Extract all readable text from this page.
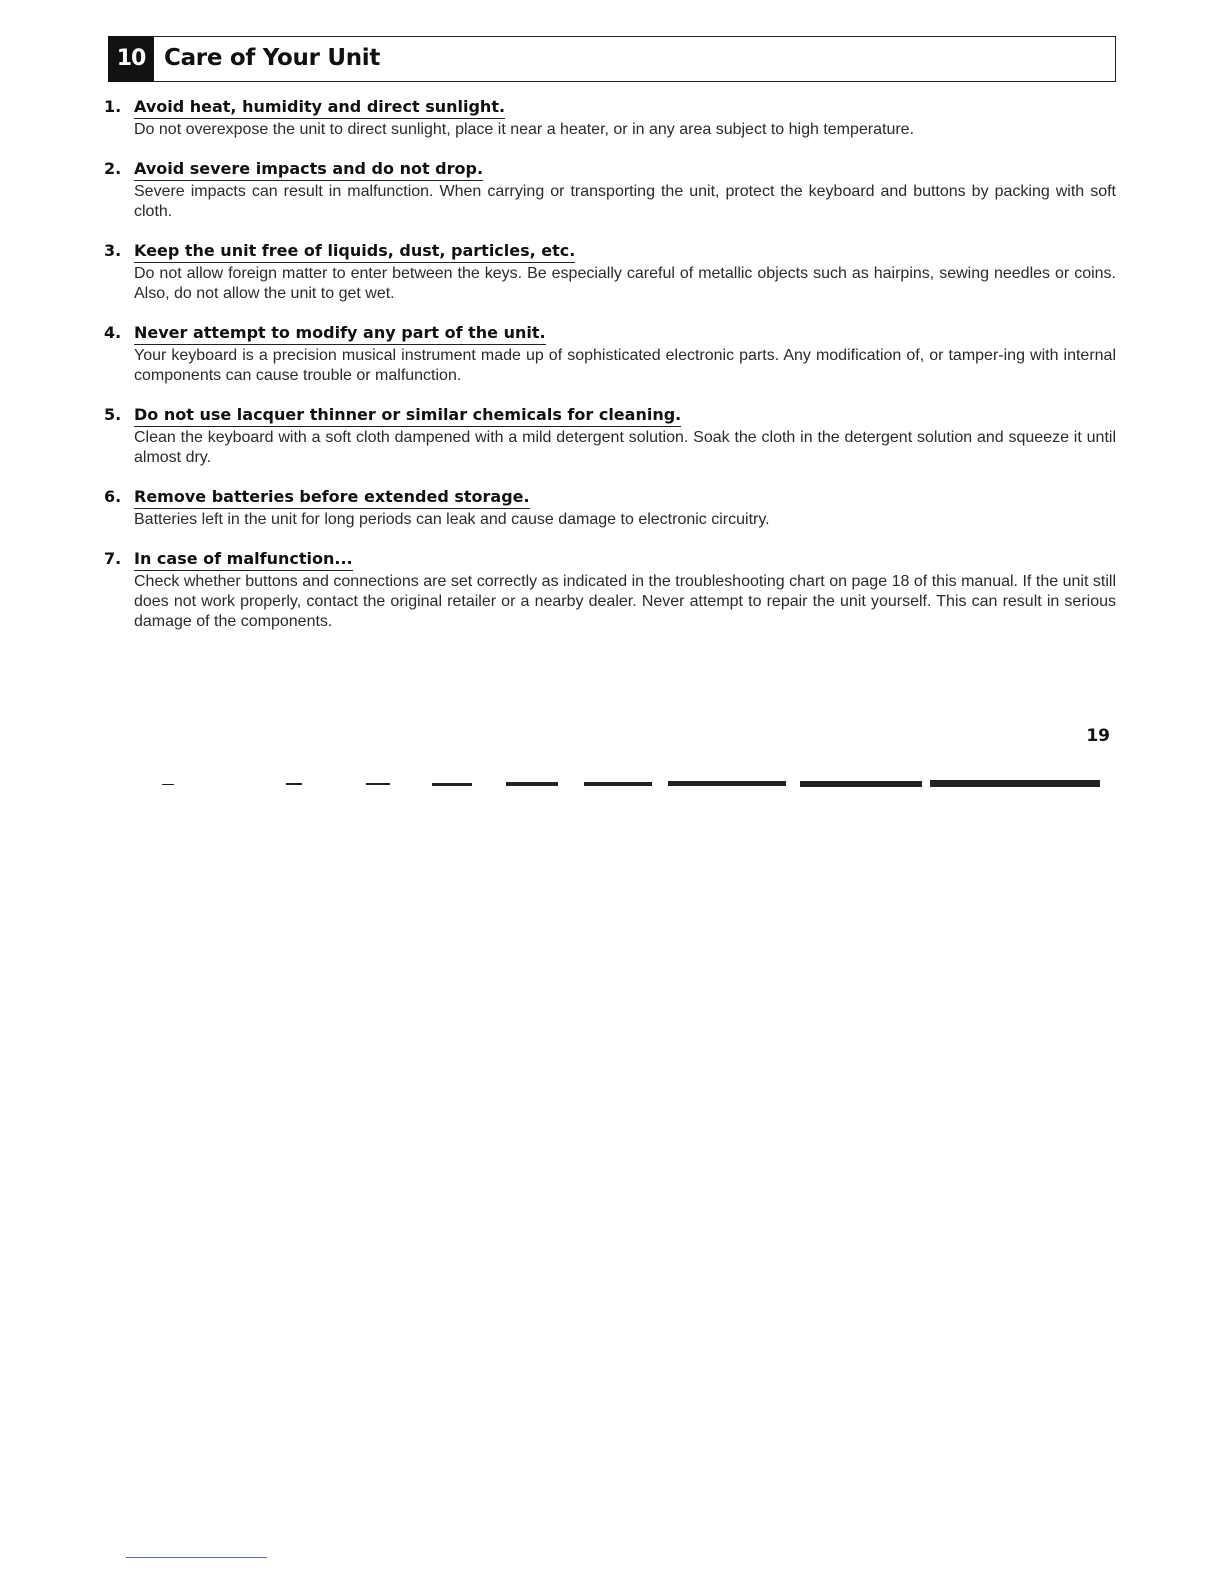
10 Care of Your Unit
1. Avoid heat, humidity and direct sunlight.

Do not overexpose the unit to direct sunlight, place it near a heater, or in any area subject to high temperature.

2. Avoid severe impacts and do not drop.

Severe impacts can result in malfunction. When carrying or transporting the unit, protect the keyboard and buttons by packing with soft cloth.

3. Keep the unit free of liquids, dust, particles, etc.

Do not allow foreign matter to enter between the keys. Be especially careful of metallic objects such as hairpins, sewing needles or coins. Also, do not allow the unit to get wet.

4. Never attempt to modify any part of the unit.

Your keyboard is a precision musical instrument made up of sophisticated electronic parts. Any modification of, or tamper-ing with internal components can cause trouble or malfunction.

5. Do not use lacquer thinner or similar chemicals for cleaning.

Clean the keyboard with a soft cloth dampened with a mild detergent solution. Soak the cloth in the detergent solution and squeeze it until almost dry.

6. Remove batteries before extended storage.

Batteries left in the unit for long periods can leak and cause damage to electronic circuitry.

7. In case of malfunction...

Check whether buttons and connections are set correctly as indicated in the troubleshooting chart on page 18 of this manual. If the unit still does not work properly, contact the original retailer or a nearby dealer. Never attempt to repair the unit yourself. This can result in serious damage of the components.

19
